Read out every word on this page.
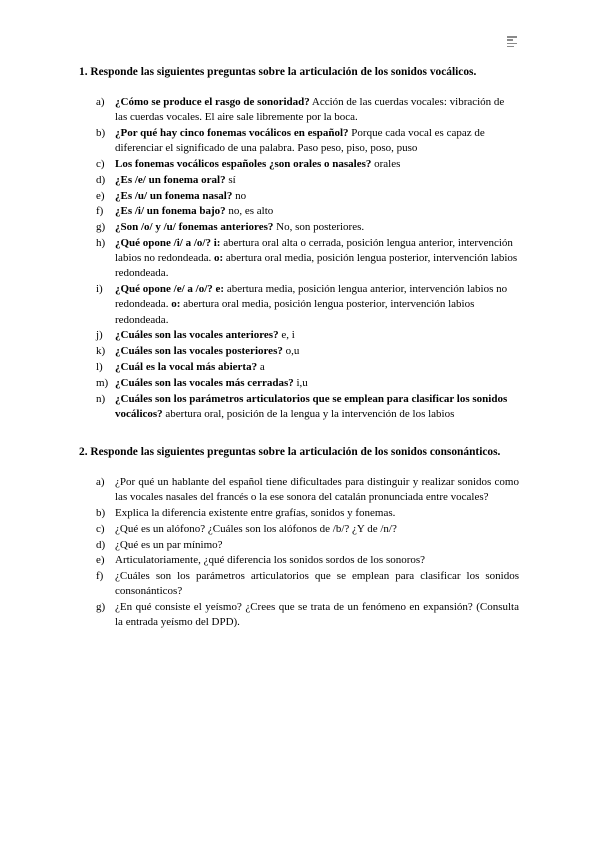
1. Responde las siguientes preguntas sobre la articulación de los sonidos vocálicos.
a) ¿Cómo se produce el rasgo de sonoridad? Acción de las cuerdas vocales: vibración de las cuerdas vocales. El aire sale libremente por la boca.
b) ¿Por qué hay cinco fonemas vocálicos en español? Porque cada vocal es capaz de diferenciar el significado de una palabra. Paso peso, piso, poso, puso
c) Los fonemas vocálicos españoles ¿son orales o nasales? orales
d) ¿Es /e/ un fonema oral? sí
e) ¿Es /u/ un fonema nasal? no
f)	¿Es /i/ un fonema bajo? no, es alto
g) ¿Son /o/ y /u/ fonemas anteriores? No, son posteriores.
h) ¿Qué opone /i/ a /o/? i: abertura oral alta o cerrada, posición lengua anterior, intervención labios no redondeada. o: abertura oral media, posición lengua posterior, intervención labios redondeada.
i)	¿Qué opone /e/ a /o/? e: abertura media, posición lengua anterior, intervención labios no redondeada. o: abertura oral media, posición lengua posterior, intervención labios redondeada.
j)	¿Cuáles son las vocales anteriores? e, i
k) ¿Cuáles son las vocales posteriores? o,u
l)	¿Cuál es la vocal más abierta? a
m) ¿Cuáles son las vocales más cerradas? i,u
n) ¿Cuáles son los parámetros articulatorios que se emplean para clasificar los sonidos vocálicos? abertura oral, posición de la lengua y la intervención de los labios
2. Responde las siguientes preguntas sobre la articulación de los sonidos consonánticos.
a) ¿Por qué un hablante del español tiene dificultades para distinguir y realizar sonidos como las vocales nasales del francés o la ese sonora del catalán pronunciada entre vocales?
b) Explica la diferencia existente entre grafías, sonidos y fonemas.
c) ¿Qué es un alófono? ¿Cuáles son los alófonos de /b/? ¿Y de /n/?
d) ¿Qué es un par mínimo?
e) Articulatoriamente, ¿qué diferencia los sonidos sordos de los sonoros?
f)	¿Cuáles son los parámetros articulatorios que se emplean para clasificar los sonidos consonánticos?
g) ¿En qué consiste el yeísmo? ¿Crees que se trata de un fenómeno en expansión? (Consulta la entrada yeísmo del DPD).
